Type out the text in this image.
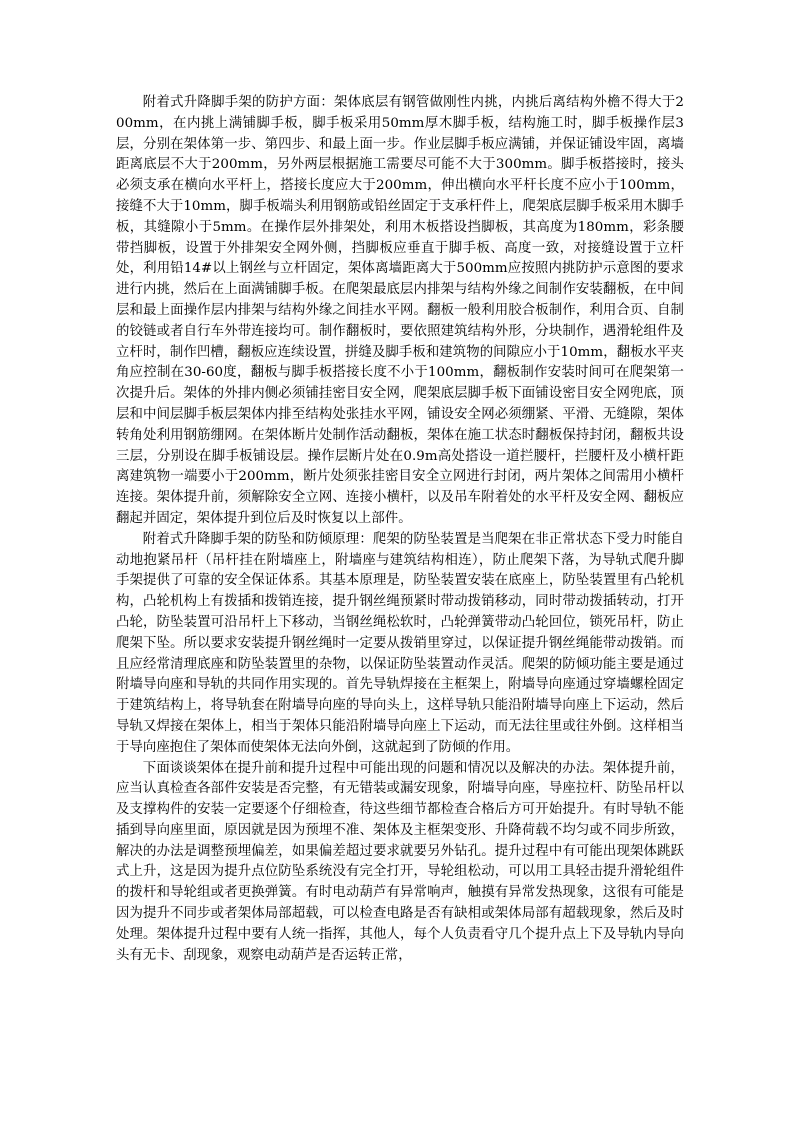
附着式升降脚手架的防护方面：架体底层有钢管做刚性内挑，内挑后离结构外檐不得大于200mm，在内挑上满铺脚手板，脚手板采用50mm厚木脚手板，结构施工时，脚手板操作层3层，分别在架体第一步、第四步、和最上面一步。作业层脚手板应满铺，并保证铺设牢固，离墙距离底层不大于200mm，另外两层根据施工需要尽可能不大于300mm。脚手板搭接时，接头必须支承在横向水平杆上，搭接长度应大于200mm，伸出横向水平杆长度不应小于100mm，接缝不大于10mm，脚手板端头利用钢筋或铅丝固定于支承杆件上，爬架底层脚手板采用木脚手板，其缝隙小于5mm。在操作层外排架处，利用木板搭设挡脚板，其高度为180mm，彩条腰带挡脚板，设置于外排架安全网外侧，挡脚板应垂直于脚手板、高度一致，对接缝设置于立杆处，利用铅14#以上钢丝与立杆固定，架体离墙距离大于500mm应按照内挑防护示意图的要求进行内挑，然后在上面满铺脚手板。在爬架最底层内排架与结构外缘之间制作安装翻板，在中间层和最上面操作层内排架与结构外缘之间挂水平网。翻板一般利用胶合板制作，利用合页、自制的铰链或者自行车外带连接均可。制作翻板时，要依照建筑结构外形，分块制作，遇滑轮组件及立杆时，制作凹槽，翻板应连续设置，拼缝及脚手板和建筑物的间隙应小于10mm，翻板水平夹角应控制在30-60度，翻板与脚手板搭接长度不小于100mm，翻板制作安装时间可在爬架第一次提升后。架体的外排内侧必须铺挂密目安全网，爬架底层脚手板下面铺设密目安全网兜底，顶层和中间层脚手板层架体内排至结构处张挂水平网，铺设安全网必须绷紧、平滑、无缝隙，架体转角处利用钢筋绷网。在架体断片处制作活动翻板，架体在施工状态时翻板保持封闭，翻板共设三层，分别设在脚手板铺设层。操作层断片处在0.9m高处搭设一道拦腰杆，拦腰杆及小横杆距离建筑物一端要小于200mm，断片处须张挂密目安全立网进行封闭，两片架体之间需用小横杆连接。架体提升前，须解除安全立网、连接小横杆，以及吊车附着处的水平杆及安全网、翻板应翻起并固定，架体提升到位后及时恢复以上部件。

附着式升降脚手架的防坠和防倾原理：爬架的防坠装置是当爬架在非正常状态下受力时能自动地抱紧吊杆（吊杆挂在附墙座上，附墙座与建筑结构相连），防止爬架下落，为导轨式爬升脚手架提供了可靠的安全保证体系。其基本原理是，防坠装置安装在底座上，防坠装置里有凸轮机构，凸轮机构上有拨插和拨销连接，提升钢丝绳预紧时带动拨销移动，同时带动拨插转动，打开凸轮，防坠装置可沿吊杆上下移动，当钢丝绳松软时，凸轮弹簧带动凸轮回位，锁死吊杆，防止爬架下坠。所以要求安装提升钢丝绳时一定要从拨销里穿过，以保证提升钢丝绳能带动拨销。而且应经常清理底座和防坠装置里的杂物，以保证防坠装置动作灵活。爬架的防倾功能主要是通过附墙导向座和导轨的共同作用实现的。首先导轨焊接在主框架上，附墙导向座通过穿墙螺栓固定于建筑结构上，将导轨套在附墙导向座的导向头上，这样导轨只能沿附墙导向座上下运动，然后导轨又焊接在架体上，相当于架体只能沿附墙导向座上下运动，而无法往里或往外倒。这样相当于导向座抱住了架体而使架体无法向外倒，这就起到了防倾的作用。

下面谈谈架体在提升前和提升过程中可能出现的问题和情况以及解决的办法。架体提升前，应当认真检查各部件安装是否完整，有无错装或漏安现象，附墙导向座，导座拉杆、防坠吊杆以及支撑构件的安装一定要逐个仔细检查，待这些细节都检查合格后方可开始提升。有时导轨不能插到导向座里面，原因就是因为预埋不准、架体及主框架变形、升降荷载不均匀或不同步所致，解决的办法是调整预埋偏差，如果偏差超过要求就要另外钻孔。提升过程中有可能出现架体跳跃式上升，这是因为提升点位防坠系统没有完全打开，导轮组松动，可以用工具轻击提升滑轮组件的拨杆和导轮组或者更换弹簧。有时电动葫芦有异常响声，触摸有异常发热现象，这很有可能是因为提升不同步或者架体局部超载，可以检查电路是否有缺相或架体局部有超载现象，然后及时处理。架体提升过程中要有人统一指挥，其他人，每个人负责看守几个提升点上下及导轨内导向头有无卡、刮现象，观察电动葫芦是否运转正常，
